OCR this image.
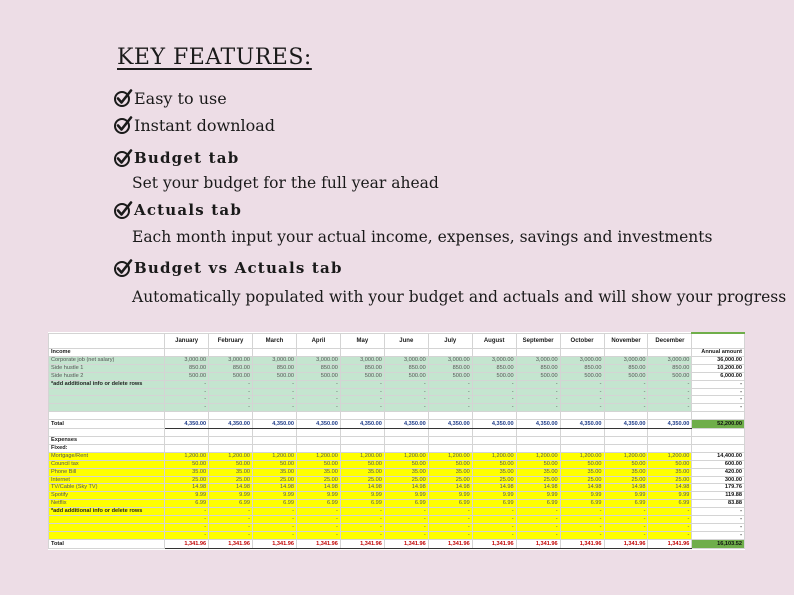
KEY FEATURES:
Easy to use
Instant download
Budget tab
Set your budget for the full year ahead
Actuals tab
Each month input your actual income, expenses, savings and investments
Budget vs Actuals tab
Automatically populated with your budget and actuals and will show your progress
	January	February	March	April	May	June	July	August	September	October	November	December	
Income													Annual amount
Corporate job (net salary)	3,000.00	3,000.00	3,000.00	3,000.00	3,000.00	3,000.00	3,000.00	3,000.00	3,000.00	3,000.00	3,000.00	3,000.00	36,000.00
Side hustle 1	850.00	850.00	850.00	850.00	850.00	850.00	850.00	850.00	850.00	850.00	850.00	850.00	10,200.00
Side hustle 2	500.00	500.00	500.00	500.00	500.00	500.00	500.00	500.00	500.00	500.00	500.00	500.00	6,000.00
*add additional info or delete rows	-	-	-	-	-	-	-	-	-	-	-	-	-
	-	-	-	-	-	-	-	-	-	-	-	-	-
	-	-	-	-	-	-	-	-	-	-	-	-	-
	-	-	-	-	-	-	-	-	-	-	-	-	-

Total	4,350.00	4,350.00	4,350.00	4,350.00	4,350.00	4,350.00	4,350.00	4,350.00	4,350.00	4,350.00	4,350.00	4,350.00	52,200.00

Expenses													
Fixed:													
Mortgage/Rent	1,200.00	1,200.00	1,200.00	1,200.00	1,200.00	1,200.00	1,200.00	1,200.00	1,200.00	1,200.00	1,200.00	1,200.00	14,400.00
Council tax	50.00	50.00	50.00	50.00	50.00	50.00	50.00	50.00	50.00	50.00	50.00	50.00	600.00
Phone Bill	35.00	35.00	35.00	35.00	35.00	35.00	35.00	35.00	35.00	35.00	35.00	35.00	420.00
Internet	25.00	25.00	25.00	25.00	25.00	25.00	25.00	25.00	25.00	25.00	25.00	25.00	300.00
TV/Cable (Sky TV)	14.98	14.98	14.98	14.98	14.98	14.98	14.98	14.98	14.98	14.98	14.98	14.98	179.76
Spotify	9.99	9.99	9.99	9.99	9.99	9.99	9.99	9.99	9.99	9.99	9.99	9.99	119.88
Netflix	6.99	6.99	6.99	6.99	6.99	6.99	6.99	6.99	6.99	6.99	6.99	6.99	83.88
*add additional info or delete rows	-	-	-	-	-	-	-	-	-	-	-	-	-
	-	-	-	-	-	-	-	-	-	-	-	-	-
	-	-	-	-	-	-	-	-	-	-	-	-	-
	-	-	-	-	-	-	-	-	-	-	-	-	-
Total	1,341.96	1,341.96	1,341.96	1,341.96	1,341.96	1,341.96	1,341.96	1,341.96	1,341.96	1,341.96	1,341.96	1,341.96	16,103.52
